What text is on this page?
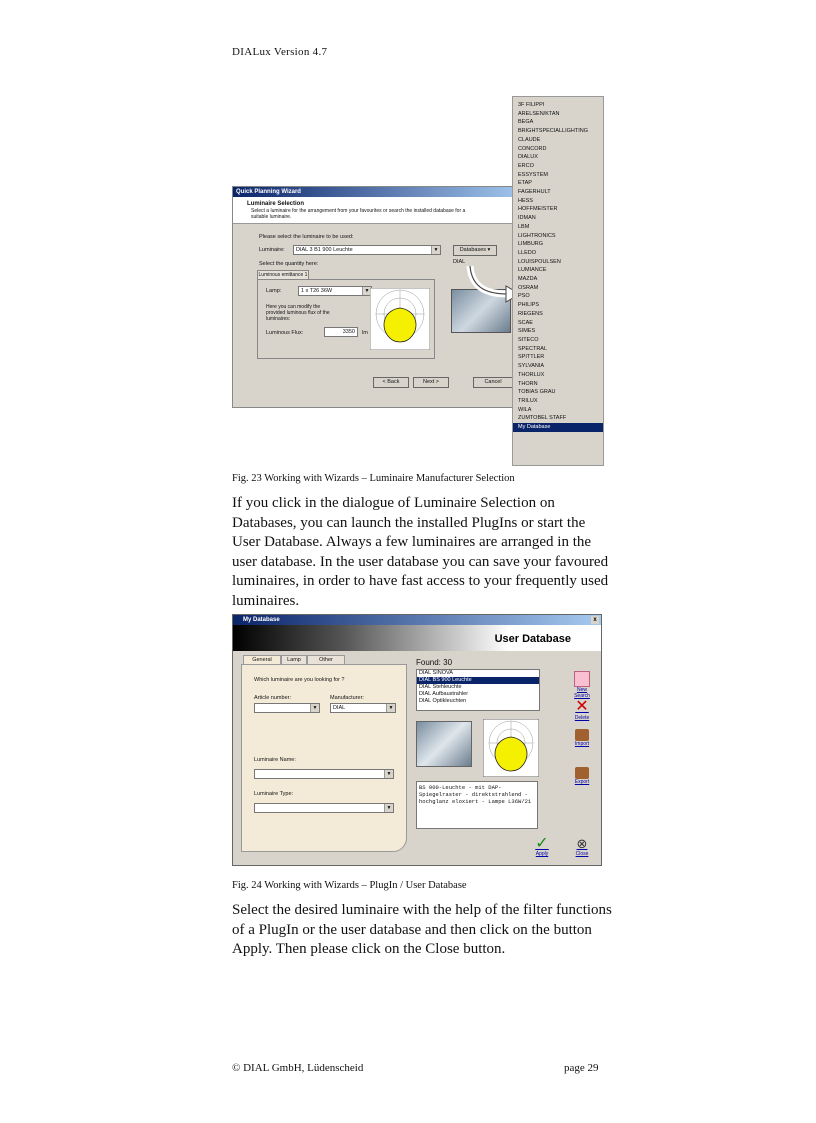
DIALux Version 4.7
Quick Planning Wizard
Luminaire Selection
Select a luminaire for the arrangement from your favourites or search the installed database for a suitable luminaire.
Please select the luminaire to be used:
Luminaire:	DIAL 3 B1 900 Leuchte	▼	Databases ▾
DIAL
Select the quantity here:
Luminous emittance 1
Lamp:	1 x T26 36W	▼
Here you can modify the provided luminous flux of the luminaires:
Luminous Flux:	3350	lm
< Back	Next >	Cancel
3F FILIPPI
ARELSEN/KTAN
BEGA
BRIGHTSPECIALLIGHTING
CLAUDE
CONCORD
DIALUX
ERCO
ESSYSTEM
ETAP
FAGERHULT
HESS
HOFFMEISTER
IDMAN
LBM
LIGHTRONICS
LIMBURG
LLEDO
LOUISPOULSEN
LUMIANCE
MAZDA
OSRAM
PSO
PHILIPS
RIEGENS
SCAE
SIMES
SITECO
SPECTRAL
SPITTLER
SYLVANIA
THORLUX
THORN
TOBIAS GRAU
TRILUX
WILA
ZUMTOBEL STAFF
My Database
Fig. 23 Working with Wizards – Luminaire Manufacturer Selection
If you click in the dialogue of Luminaire Selection on Databases, you can launch the installed PlugIns or start the User Database. Always a few luminaires are arranged in the user database. In the user database you can save your favoured luminaires, in order to have fast access to your frequently used luminaires.
My Database	x
User Database
General	Lamp	Other
Which luminaire are you looking for ?
Article number:	Manufacturer:
▼	DIAL	▼
Luminaire Name:
▼
Luminaire Type:
▼
Found: 30
DIAL SINOVA
DIAL BS 900 Leuchte
DIAL Stehleuchte
DIAL Aufbaustrahler
DIAL Optikleuchten
BS 900-Leuchte - mit DAP-Spiegelraster - direktstrahlend - hochglanz eloxiert - Lampe L36W/21
New Search
✕
Delete
Import
Export
✓
Apply
⊗
Close
Fig. 24 Working with Wizards – PlugIn / User Database
Select the desired luminaire with the help of the filter functions of a PlugIn or the user database and then click on the button Apply. Then please click on the Close button.
© DIAL GmbH, Lüdenscheid	page 29
